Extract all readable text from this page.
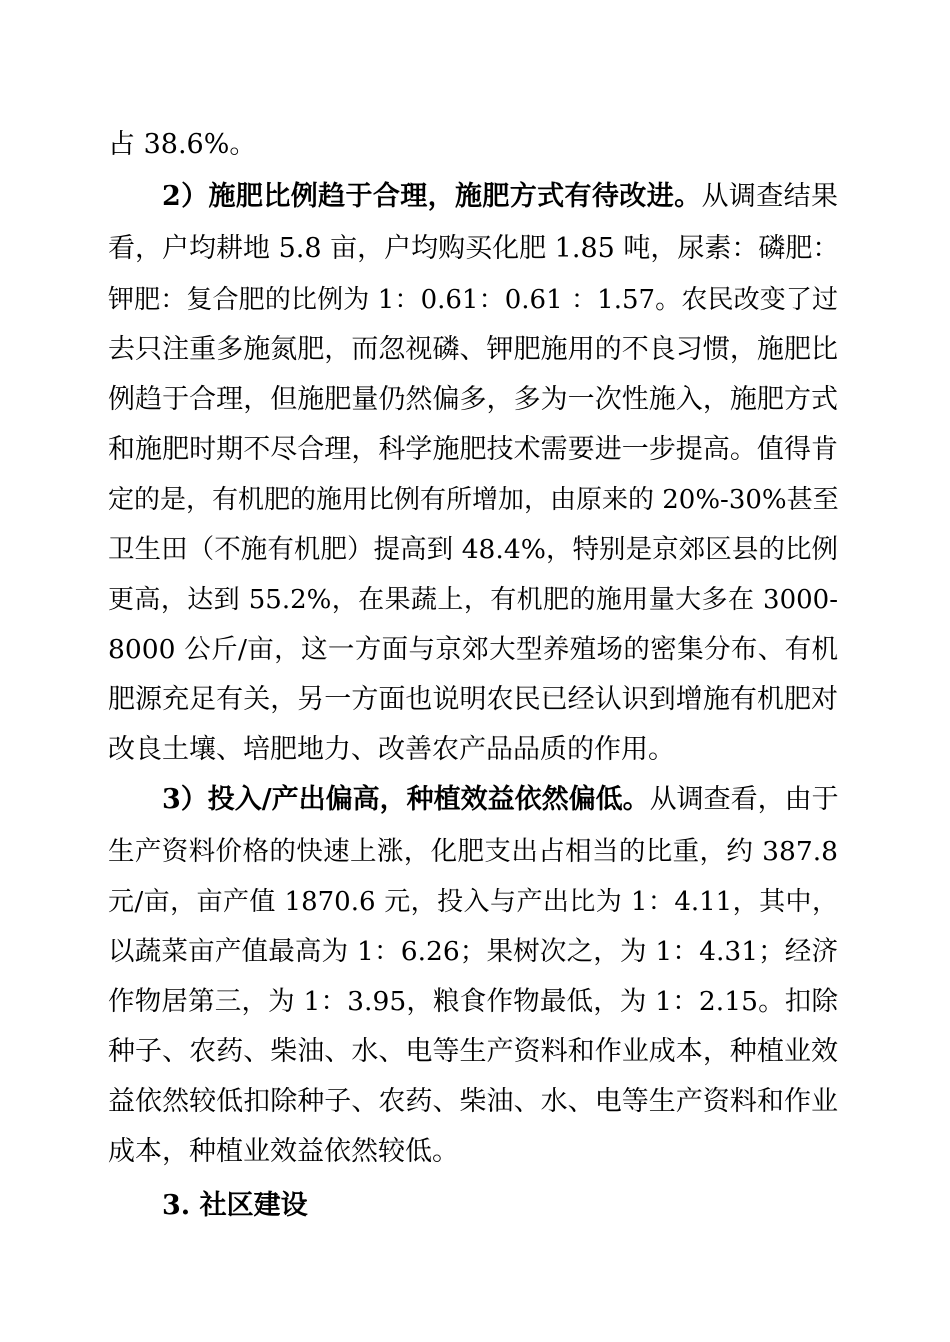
占 38.6%。
2）施肥比例趋于合理，施肥方式有待改进。从调查结果
看，户均耕地 5.8 亩，户均购买化肥 1.85 吨，尿素：磷肥：
钾肥：复合肥的比例为 1：0.61：0.61 ：1.57。农民改变了过
去只注重多施氮肥，而忽视磷、钾肥施用的不良习惯，施肥比
例趋于合理，但施肥量仍然偏多，多为一次性施入，施肥方式
和施肥时期不尽合理，科学施肥技术需要进一步提高。值得肯
定的是，有机肥的施用比例有所增加，由原来的 20%-30%甚至
卫生田（不施有机肥）提高到 48.4%，特别是京郊区县的比例
更高，达到 55.2%，在果蔬上，有机肥的施用量大多在 3000-
8000 公斤/亩，这一方面与京郊大型养殖场的密集分布、有机
肥源充足有关，另一方面也说明农民已经认识到增施有机肥对
改良土壤、培肥地力、改善农产品品质的作用。
3）投入/产出偏高，种植效益依然偏低。从调查看，由于
生产资料价格的快速上涨，化肥支出占相当的比重，约 387.8
元/亩，亩产值 1870.6 元，投入与产出比为 1：4.11，其中，
以蔬菜亩产值最高为 1：6.26；果树次之，为 1：4.31；经济
作物居第三，为 1：3.95，粮食作物最低，为 1：2.15。扣除
种子、农药、柴油、水、电等生产资料和作业成本，种植业效
益依然较低扣除种子、农药、柴油、水、电等生产资料和作业
成本，种植业效益依然较低。
3. 社区建设
